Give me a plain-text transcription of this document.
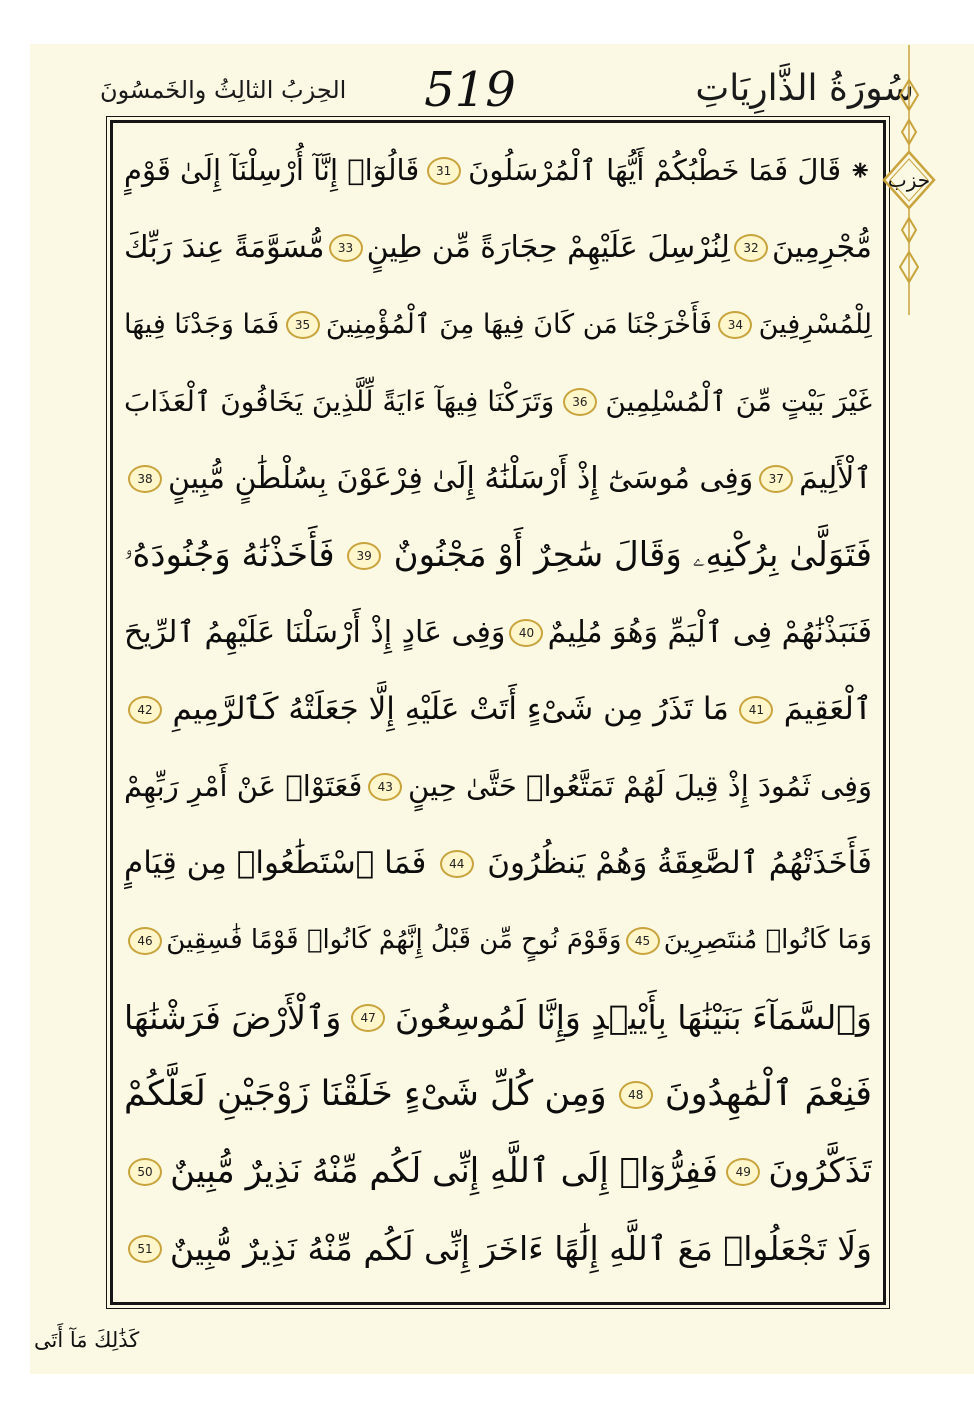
سُورَةُ الذَّارِيَاتِ
519
الحِزبُ الثالِثُ والخَمسُونَ
حزب
⁕
قَالَ فَمَا خَطْبُكُمْ أَيُّهَا ٱلْمُرْسَلُونَ
31
قَالُوٓا۟ إِنَّآ أُرْسِلْنَآ إِلَىٰ قَوْمٍ
مُّجْرِمِينَ
32
لِنُرْسِلَ عَلَيْهِمْ حِجَارَةً مِّن طِينٍ
33
مُّسَوَّمَةً عِندَ رَبِّكَ
لِلْمُسْرِفِينَ
34
فَأَخْرَجْنَا مَن كَانَ فِيهَا مِنَ ٱلْمُؤْمِنِينَ
35
فَمَا وَجَدْنَا فِيهَا
غَيْرَ بَيْتٍ مِّنَ ٱلْمُسْلِمِينَ
36
وَتَرَكْنَا فِيهَآ ءَايَةً لِّلَّذِينَ يَخَافُونَ ٱلْعَذَابَ
ٱلْأَلِيمَ
37
وَفِى مُوسَىٰٓ إِذْ أَرْسَلْنَٰهُ إِلَىٰ فِرْعَوْنَ بِسُلْطَٰنٍ مُّبِينٍ
38
فَتَوَلَّىٰ بِرُكْنِهِۦ وَقَالَ سَٰحِرٌ أَوْ مَجْنُونٌ
39
فَأَخَذْنَٰهُ وَجُنُودَهُۥ
فَنَبَذْنَٰهُمْ فِى ٱلْيَمِّ وَهُوَ مُلِيمٌ
40
وَفِى عَادٍ إِذْ أَرْسَلْنَا عَلَيْهِمُ ٱلرِّيحَ
ٱلْعَقِيمَ
41
مَا تَذَرُ مِن شَىْءٍ أَتَتْ عَلَيْهِ إِلَّا جَعَلَتْهُ كَٱلرَّمِيمِ
42
وَفِى ثَمُودَ إِذْ قِيلَ لَهُمْ تَمَتَّعُوا۟ حَتَّىٰ حِينٍ
43
فَعَتَوْا۟ عَنْ أَمْرِ رَبِّهِمْ
فَأَخَذَتْهُمُ ٱلصَّٰعِقَةُ وَهُمْ يَنظُرُونَ
44
فَمَا ٱسْتَطَٰعُوا۟ مِن قِيَامٍ
وَمَا كَانُوا۟ مُنتَصِرِينَ
45
وَقَوْمَ نُوحٍ مِّن قَبْلُ إِنَّهُمْ كَانُوا۟ قَوْمًا فَٰسِقِينَ
46
وَٱلسَّمَآءَ بَنَيْنَٰهَا بِأَيْي۟دٍ وَإِنَّا لَمُوسِعُونَ
47
وَٱلْأَرْضَ فَرَشْنَٰهَا
فَنِعْمَ ٱلْمَٰهِدُونَ
48
وَمِن كُلِّ شَىْءٍ خَلَقْنَا زَوْجَيْنِ لَعَلَّكُمْ
تَذَكَّرُونَ
49
فَفِرُّوٓا۟ إِلَى ٱللَّهِ إِنِّى لَكُم مِّنْهُ نَذِيرٌ مُّبِينٌ
50
وَلَا تَجْعَلُوا۟ مَعَ ٱللَّهِ إِلَٰهًا ءَاخَرَ إِنِّى لَكُم مِّنْهُ نَذِيرٌ مُّبِينٌ
51
كَذَٰلِكَ مَآ أَتَى
